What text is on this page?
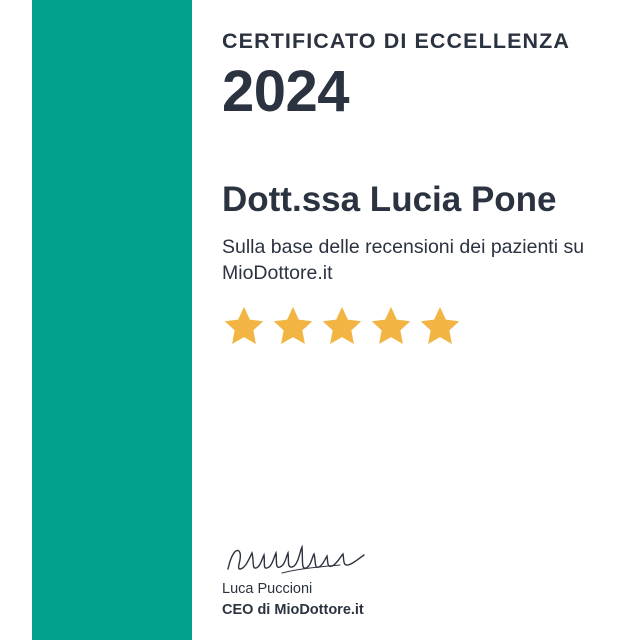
CERTIFICATO DI ECCELLENZA
2024
Dott.ssa Lucia Pone
Sulla base delle recensioni dei pazienti su MioDottore.it
Luca Puccioni
CEO di MioDottore.it
